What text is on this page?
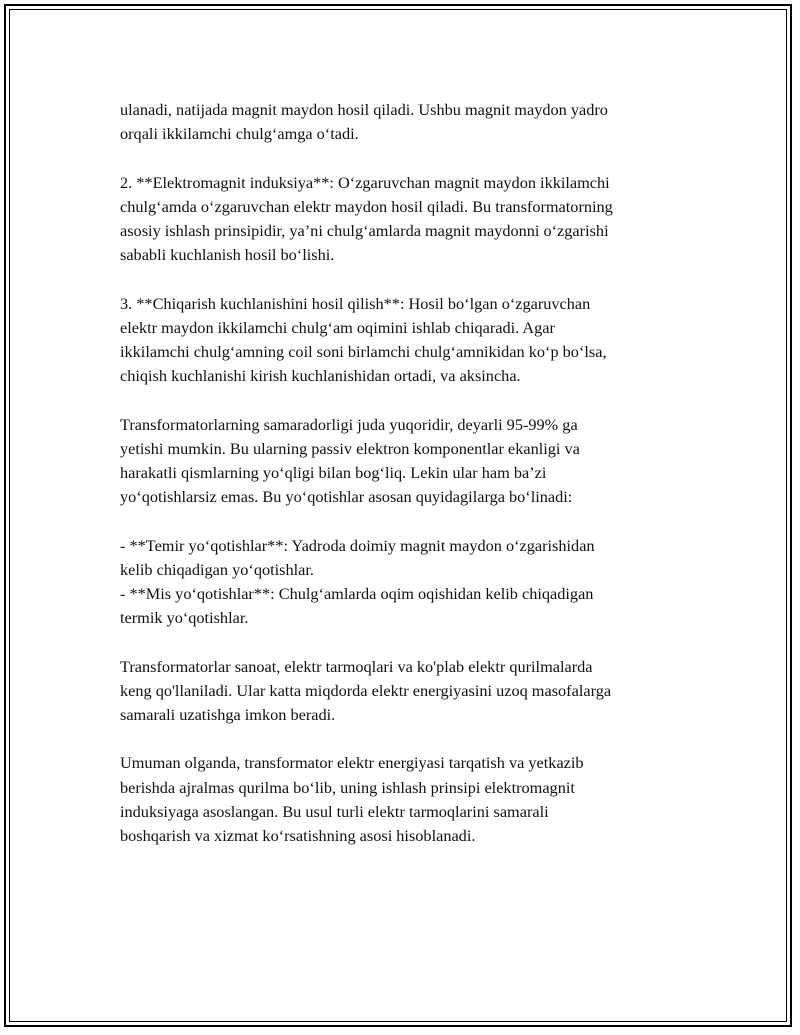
ulanadi, natijada magnit maydon hosil qiladi. Ushbu magnit maydon yadro
orqali ikkilamchi chulg‘amga o‘tadi.

2. **Elektromagnit induksiya**: O‘zgaruvchan magnit maydon ikkilamchi
chulg‘amda o‘zgaruvchan elektr maydon hosil qiladi. Bu transformatorning
asosiy ishlash prinsipidir, ya’ni chulg‘amlarda magnit maydonni o‘zgarishi
sababli kuchlanish hosil bo‘lishi.

3. **Chiqarish kuchlanishini hosil qilish**: Hosil bo‘lgan o‘zgaruvchan
elektr maydon ikkilamchi chulg‘am oqimini ishlab chiqaradi. Agar
ikkilamchi chulg‘amning coil soni birlamchi chulg‘amnikidan ko‘p bo‘lsa,
chiqish kuchlanishi kirish kuchlanishidan ortadi, va aksincha.

Transformatorlarning samaradorligi juda yuqoridir, deyarli 95-99% ga
yetishi mumkin. Bu ularning passiv elektron komponentlar ekanligi va
harakatli qismlarning yo‘qligi bilan bog‘liq. Lekin ular ham ba’zi
yo‘qotishlarsiz emas. Bu yo‘qotishlar asosan quyidagilarga bo‘linadi:

- **Temir yo‘qotishlar**: Yadroda doimiy magnit maydon o‘zgarishidan
kelib chiqadigan yo‘qotishlar.
- **Mis yo‘qotishlar**: Chulg‘amlarda oqim oqishidan kelib chiqadigan
termik yo‘qotishlar.

Transformatorlar sanoat, elektr tarmoqlari va ko'plab elektr qurilmalarda
keng qo'llaniladi. Ular katta miqdorda elektr energiyasini uzoq masofalarga
samarali uzatishga imkon beradi.

Umuman olganda, transformator elektr energiyasi tarqatish va yetkazib
berishda ajralmas qurilma bo‘lib, uning ishlash prinsipi elektromagnit
induksiyaga asoslangan. Bu usul turli elektr tarmoqlarini samarali
boshqarish va xizmat ko‘rsatishning asosi hisoblanadi.
